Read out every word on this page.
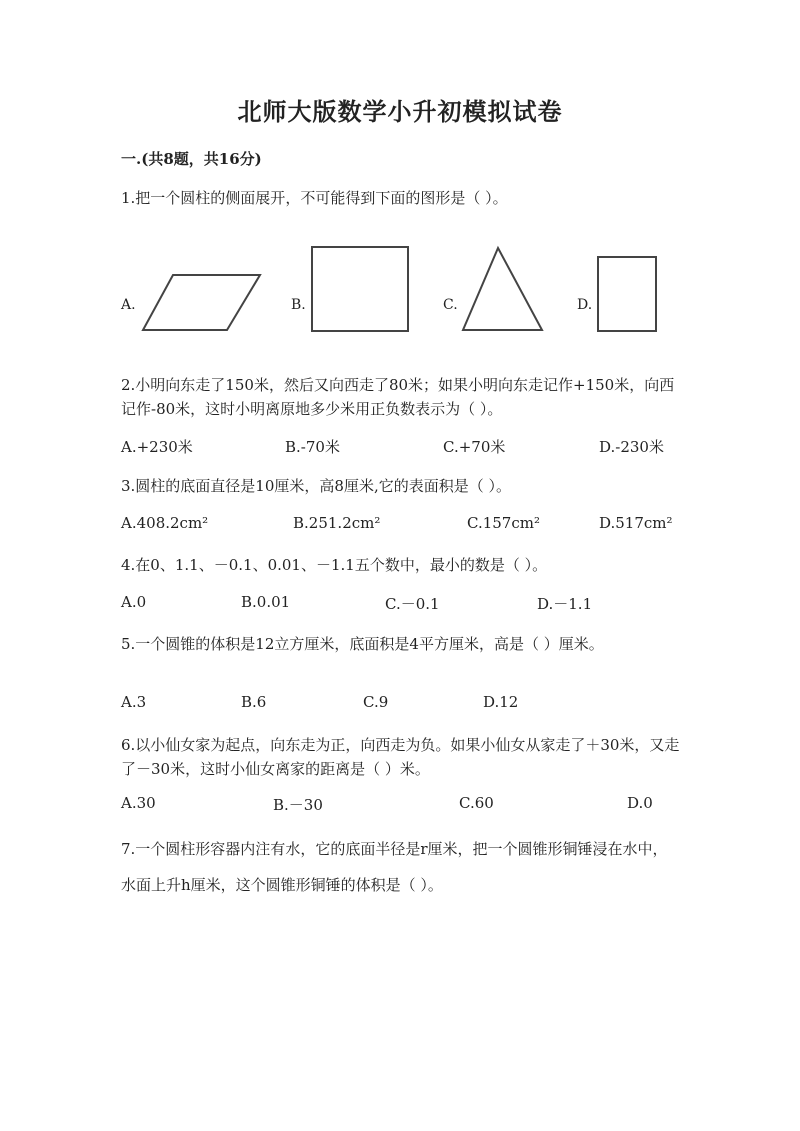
北师大版数学小升初模拟试卷
一.(共8题，共16分)
1.把一个圆柱的侧面展开，不可能得到下面的图形是（ ）。
A.	B.	C.	D.
2.小明向东走了150米，然后又向西走了80米；如果小明向东走记作+150米，向西记作-80米，这时小明离原地多少米用正负数表示为（ ）。
A.+230米	B.-70米	C.+70米	D.-230米
3.圆柱的底面直径是10厘米，高8厘米,它的表面积是（ ）。
A.408.2cm²	B.251.2cm²	C.157cm²	D.517cm²
4.在0、1.1、－0.1、0.01、－1.1五个数中，最小的数是（ ）。
A.0	B.0.01	C.－0.1	D.－1.1
5.一个圆锥的体积是12立方厘米，底面积是4平方厘米，高是（ ）厘米。
A.3	B.6	C.9	D.12
6.以小仙女家为起点，向东走为正，向西走为负。如果小仙女从家走了＋30米，又走了－30米，这时小仙女离家的距离是（ ）米。
A.30	B.－30	C.60	D.0
7.一个圆柱形容器内注有水，它的底面半径是r厘米，把一个圆锥形铜锤浸在水中，水面上升h厘米，这个圆锥形铜锤的体积是（ ）。
